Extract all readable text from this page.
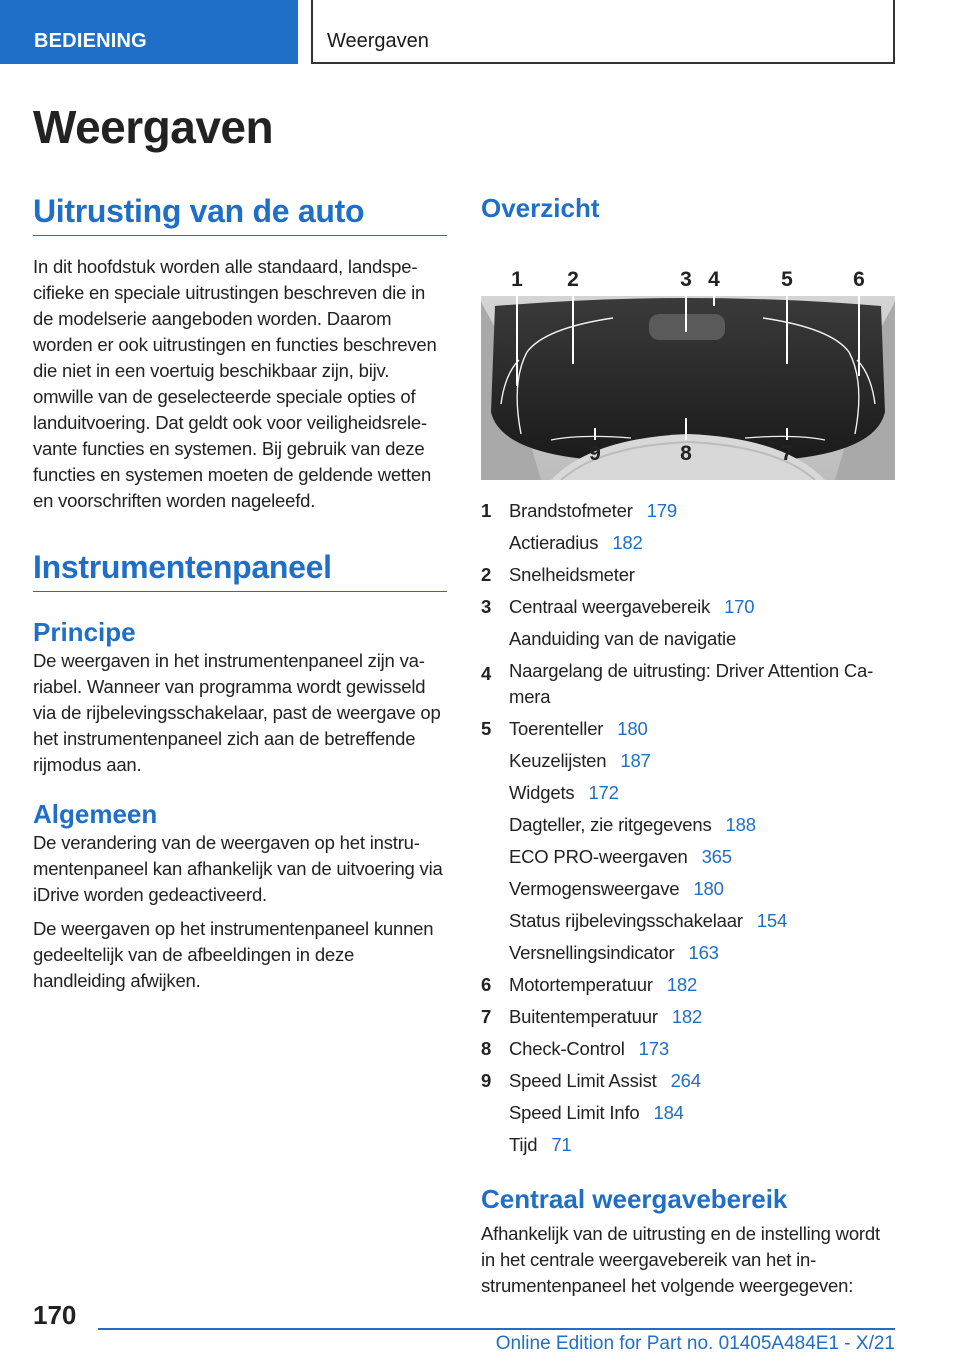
BEDIENING	Weergaven
Weergaven
Uitrusting van de auto

In dit hoofdstuk worden alle standaard, landspecifieke en speciale uitrustingen beschreven die in de modelserie aangeboden worden. Daarom worden er ook uitrustingen en functies beschreven die niet in een voertuig beschikbaar zijn, bijv. omwille van de geselecteerde speciale opties of landuitvoering. Dat geldt ook voor veiligheidsrelevante functies en systemen. Bij gebruik van deze functies en systemen moeten de geldende wetten en voorschriften worden nageleefd.

Instrumentenpaneel
Principe

De weergaven in het instrumentenpaneel zijn variabel. Wanneer van programma wordt gewisseld via de rijbelevingsschakelaar, past de weergave op het instrumentenpaneel zich aan de betreffende rijmodus aan.

Algemeen

De verandering van de weergaven op het instrumentenpaneel kan afhankelijk van de uitvoering via iDrive worden gedeactiveerd.

De weergaven op het instrumentenpaneel kunnen gedeeltelijk van de afbeeldingen in deze handleiding afwijken.

Overzicht
1 2	3 4	5	6
9	8	7
1 Brandstofmeter 179
Actieradius 182
2 Snelheidsmeter
3 Centraal weergavebereik 170
Aanduiding van de navigatie
4 Naargelang de uitrusting: Driver Attention Camera
5 Toerenteller 180
Keuzelijsten 187
Widgets 172
Dagteller, zie ritgegevens 188
ECO PRO-weergaven 365
Vermogensweergave 180
Status rijbelevingsschakelaar 154
Versnellingsindicator 163
6 Motortemperatuur 182
7 Buitentemperatuur 182
8 Check-Control 173
9 Speed Limit Assist 264
Speed Limit Info 184
Tijd 71
Centraal weergavebereik

Afhankelijk van de uitrusting en de instelling wordt in het centrale weergavebereik van het instrumentenpaneel het volgende weergegeven:

170
Online Edition for Part no. 01405A484E1 - X/21
